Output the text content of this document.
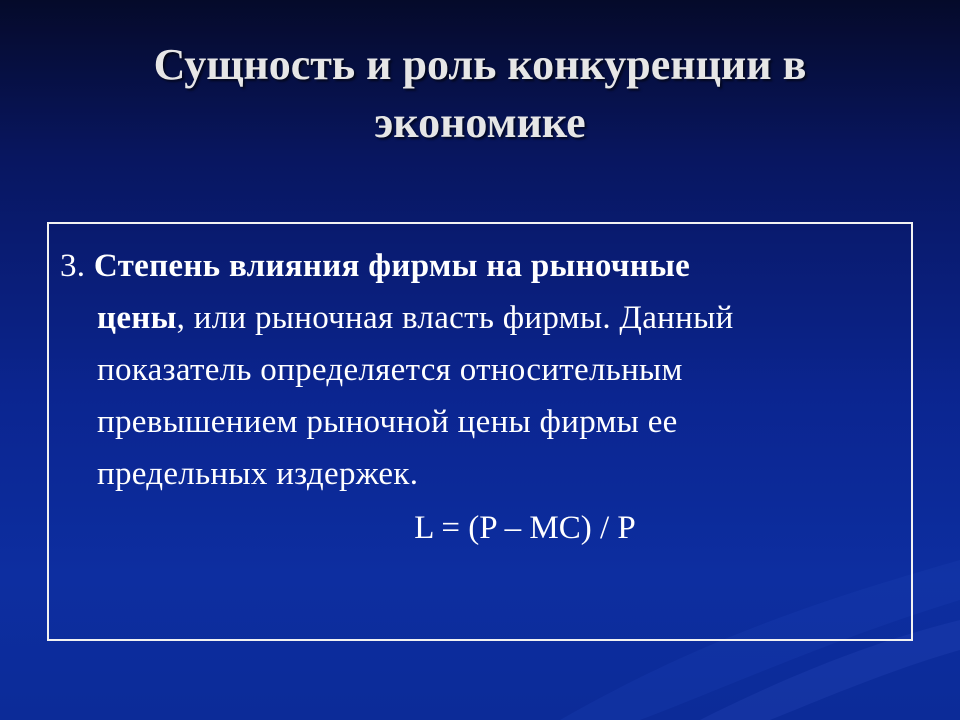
Сущность и роль конкуренции в
экономике
3. Степень влияния фирмы на рыночные
цены, или рыночная власть фирмы. Данный
показатель определяется относительным
превышением рыночной цены фирмы ее
предельных издержек.
L = (P – MC) / P
